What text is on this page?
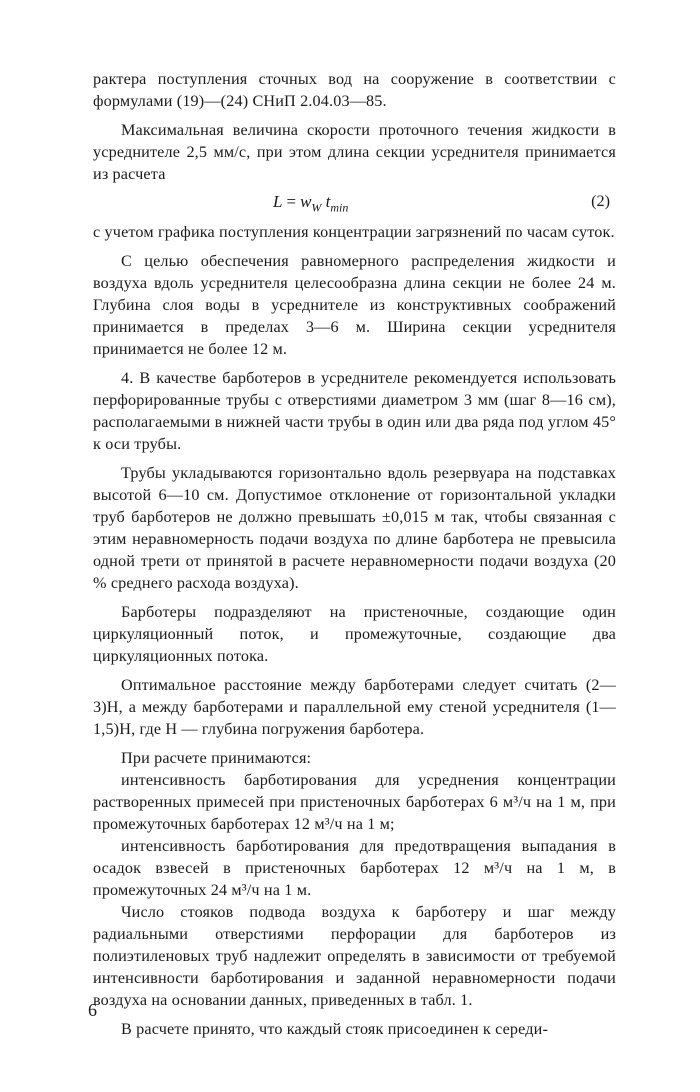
рактера поступления сточных вод на сооружение в соответствии с формулами (19)—(24) СНиП 2.04.03—85.

Максимальная величина скорости проточного течения жидкости в усреднителе 2,5 мм/с, при этом длина секции усреднителя принимается из расчета

$L = w_W$ $t_{min}$	(2)

с учетом графика поступления концентрации загрязнений по часам суток.

С целью обеспечения равномерного распределения жидкости и воздуха вдоль усреднителя целесообразна длина секции не более 24 м. Глубина слоя воды в усреднителе из конструктивных соображений принимается в пределах 3—6 м. Ширина секции усреднителя принимается не более 12 м.

4. В качестве барботеров в усреднителе рекомендуется использовать перфорированные трубы с отверстиями диаметром 3 мм (шаг 8—16 см), располагаемыми в нижней части трубы в один или два ряда под углом 45° к оси трубы.

Трубы укладываются горизонтально вдоль резервуара на подставках высотой 6—10 см. Допустимое отклонение от горизонтальной укладки труб барботеров не должно превышать ±0,015 м так, чтобы связанная с этим неравномерность подачи воздуха по длине барботера не превысила одной трети от принятой в расчете неравномерности подачи воздуха (20 % среднего расхода воздуха).

Барботеры подразделяют на пристеночные, создающие один циркуляционный поток, и промежуточные, создающие два циркуляционных потока.

Оптимальное расстояние между барботерами следует считать (2—3)H, а между барботерами и параллельной ему стеной усреднителя (1—1,5)H, где H — глубина погружения барботера.

При расчете принимаются:

интенсивность барботирования для усреднения концентрации растворенных примесей при пристеночных барботерах 6 м³/ч на 1 м, при промежуточных барботерах 12 м³/ч на 1 м;

интенсивность барботирования для предотвращения выпадания в осадок взвесей в пристеночных барботерах 12 м³/ч на 1 м, в промежуточных 24 м³/ч на 1 м.

Число стояков подвода воздуха к барботеру и шаг между радиальными отверстиями перфорации для барботеров из полиэтиленовых труб надлежит определять в зависимости от требуемой интенсивности барботирования и заданной неравномерности подачи воздуха на основании данных, приведенных в табл. 1.

В расчете принято, что каждый стояк присоединен к середи-

6
